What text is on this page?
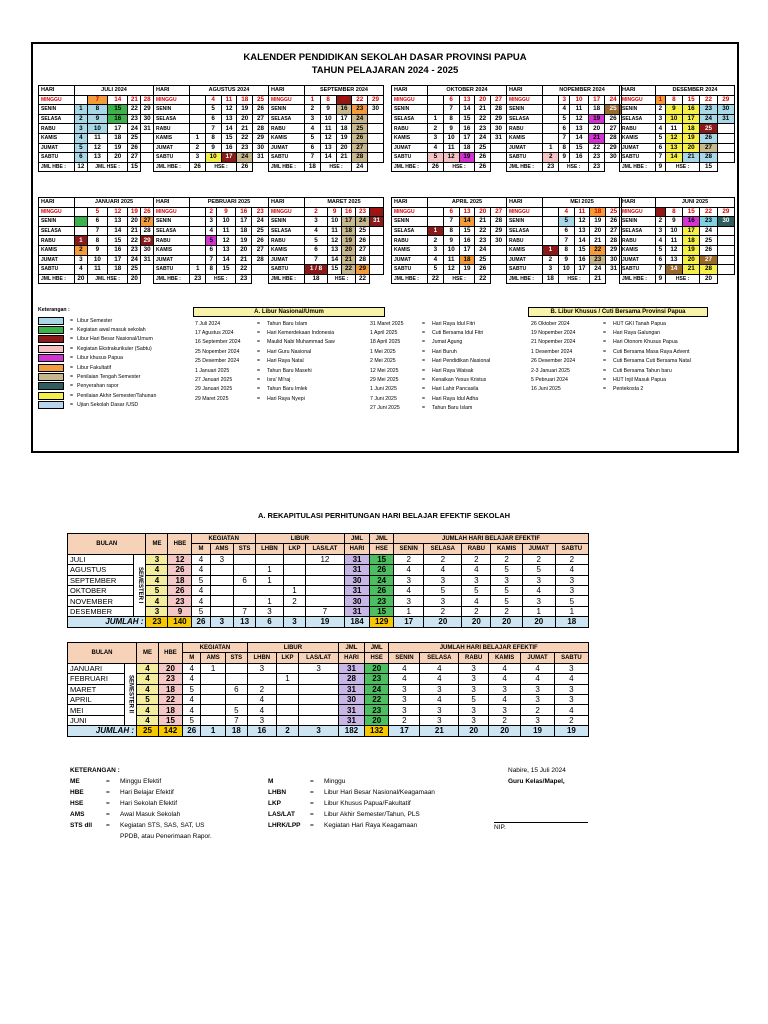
KALENDER PENDIDIKAN SEKOLAH DASAR PROVINSI PAPUA
TAHUN PELAJARAN 2024 - 2025
HARI	JULI 2024				
MINGGU		7	14	21	28
SENIN	1	8	15	22	29
SELASA	2	9	16	23	30
RABU	3	10	17	24	31
KAMIS	4	11	18	25	
JUMAT	5	12	19	26	
SABTU	6	13	20	27	
JML HBE :	12	JML HSE :		15	
HARI	AGUSTUS 2024				
MINGGU		4	11	18	25
SENIN		5	12	19	26
SELASA		6	13	20	27
RABU		7	14	21	28
KAMIS	1	8	15	22	29
JUMAT	2	9	16	23	30
SABTU	3	10	17	24	31
JML HBE :	26	HSE :		26	
HARI	SEPTEMBER 2024				
MINGGU	1	8	15	22	29
SENIN	2	9	16	23	30
SELASA	3	10	17	24	
RABU	4	11	18	25	
KAMIS	5	12	19	26	
JUMAT	6	13	20	27	
SABTU	7	14	21	28	
JML HBE :	18	HSE :		24	
HARI	OKTOBER 2024				
MINGGU		6	13	20	27
SENIN		7	14	21	28
SELASA	1	8	15	22	29
RABU	2	9	16	23	30
KAMIS	3	10	17	24	31
JUMAT	4	11	18	25	
SABTU	5	12	19	26	
JML HBE :	26	HSE :		26	
HARI	NOPEMBER 2024				
MINGGU		3	10	17	24
SENIN		4	11	18	25
SELASA		5	12	19	26
RABU		6	13	20	27
KAMIS		7	14	21	28
JUMAT	1	8	15	22	29
SABTU	2	9	16	23	30
JML HBE :	23	HSE :		23	
HARI	DESEMBER 2024				
MINGGU	1	8	15	22	29
SENIN	2	9	16	23	30
SELASA	3	10	17	24	31
RABU	4	11	18	25	
KAMIS	5	12	19	26	
JUMAT	6	13	20	27	
SABTU	7	14	21	28	
JML HBE :	9	HSE :		15	
HARI	JANUARI 2025				
MINGGU		5	12	19	26
SENIN		6	13	20	27
SELASA		7	14	21	28
RABU	1	8	15	22	29
KAMIS	2	9	16	23	30
JUMAT	3	10	17	24	31
SABTU	4	11	18	25	
JML HBE :	20	JML HSE :		20	
HARI	PEBRUARI 2025				
MINGGU		2	9	16	23
SENIN		3	10	17	24
SELASA		4	11	18	25
RABU		5	12	19	26
KAMIS		6	13	20	27
JUMAT		7	14	21	28
SABTU	1	8	15	22	
JML HBE :	23	HSE :		23	
HARI	MARET 2025				
MINGGU	2	9	16	23	30
SENIN	3	10	17	24	31
SELASA	4	11	18	25	
RABU	5	12	19	26	
KAMIS	6	13	20	27	
JUMAT	7	14	21	28	
SABTU	1 / 8	15	22	29	
JML HBE :	18	HSE :		22	
HARI	APRIL 2025				
MINGGU		6	13	20	27
SENIN		7	14	21	28
SELASA	1	8	15	22	29
RABU	2	9	16	23	30
KAMIS	3	10	17	24	
JUMAT	4	11	18	25	
SABTU	5	12	19	26	
JML HBE :	22	HSE :		22	
HARI	MEI 2025				
MINGGU		4	11	18	25
SENIN		5	12	19	26
SELASA		6	13	20	27
RABU		7	14	21	28
KAMIS	1	8	15	22	29
JUMAT	2	9	16	23	30
SABTU	3	10	17	24	31
JML HBE :	18	HSE :		21	
HARI	JUNI 2025				
MINGGU	1	8	15	22	29
SENIN	2	9	16	23	30
SELASA	3	10	17	24	
RABU	4	11	18	25	
KAMIS	5	12	19	26	
JUMAT	6	13	20	27	
SABTU	7	14	21	28	
JML HBE :	9	HSE :		20	
Keterangan :
= Libur Semester
= Kegiatan awal masuk sekolah
= Libur Hari Besar Nasional/Umum
= Kegiatan Ekstrakurikuler (Sabtu)
= Libur khusus Papua
= Libur Fakultatif
= Penilaian Tengah Semester
= Penyerahan rapor
= Penilaian Akhir Semester/Tahunan
= Ujian Sekolah Dasar /USD
A. Libur Nasional/Umum	B. Libur Khusus / Cuti Bersama Provinsi Papua
7 Juli 2024	=	Tahun Baru Islam
17 Agustus 2024	=	Hari Kemerdekaan Indonesia
16 September 2024	=	Maulid Nabi Muhammad Saw
25 Nopember 2024	=	Hari Guru Nasional
25 Desember 2024	=	Hari Raya Natal
1 Januari 2025	=	Tahun Baru Masehi
27 Januari 2025	=	Isra' Mi'raj
29 Januari 2025	=	Tahun Baru Imlek
29 Maret 2025	=	Hari Raya Nyepi
31 Maret 2025	=	Hari Raya Idul Fitri
1 April 2025	=	Cuti Bersama Idul Fitri
18 April 2025	=	Jumat Agung
1 Mei 2025	=	Hari Buruh
2 Mei 2025	=	Hari Pendidikan Nasional
12 Mei 2025	=	Hari Raya Waisak
29 Mei 2025	=	Kenaikan Yesus Kristus
1 Juni 2025	=	Hari Lahir Pancasila
7 Juni 2025	=	Hari Raya Idul Adha
27 Juni 2025	=	Tahun Baru Islam
26 Oktober 2024	=	HUT GKI Tanah Papua
19 Nopember 2024	=	Hari Raya Galungan
21 Nopember 2024	=	Hari Otonom Khusus Papua
1 Desember 2024	=	Cuti Bersama Masa Raya Advent
26 Desember 2024	=	Cuti Bersama Cuti Bersama Natal
2-3 Januari 2025	=	Cuti Bersama Tahun baru
5 Pebruari 2024	=	HUT Injil Masuk Papua
16 Juni 2025	=	Pentekosta 2
A. REKAPITULASI PERHITUNGAN HARI BELAJAR EFEKTIF SEKOLAH
BULAN		ME	HBE	KEGIATAN			LIBUR			JML	JML	JUMLAH HARI BELAJAR EFEKTIF					
				M	AMS	STS	LHBN	LKP	LAS/LAT	HARI	HSE	SENIN	SELASA	RABU	KAMIS	JUMAT	SABTU
JULI	SEMESTER I	3	12	4	3				12	31	15	2	2	2	2	2	2
AGUSTUS		4	26	4			1			31	26	4	4	4	5	5	4
SEPTEMBER		4	18	5		6	1			30	24	3	3	3	3	3	3
OKTOBER		5	26	4				1		31	26	4	5	5	5	4	3
NOVEMBER		4	23	4			1	2		30	23	3	3	4	5	3	5
DESEMBER		3	9	5		7	3		7	31	15	1	2	2	2	1	1
JUMLAH :		23	140	26	3	13	6	3	19	184	129	17	20	20	20	20	18
BULAN		ME	HBE	KEGIATAN			LIBUR			JML	JML	JUMLAH HARI BELAJAR EFEKTIF					
				M	AMS	STS	LHBN	LKP	LAS/LAT	HARI	HSE	SENIN	SELASA	RABU	KAMIS	JUMAT	SABTU
JANUARI	SEMESTER II	4	20	4	1		3		3	31	20	4	4	3	4	4	3
FEBRUARI		4	23	4				1		28	23	4	4	3	4	4	4
MARET		4	18	5		6	2			31	24	3	3	3	3	3	3
APRIL		5	22	4			4			30	22	3	4	5	4	3	3
MEI		4	18	4		5	4			31	23	3	3	3	3	2	4
JUNI		4	15	5		7	3			31	20	2	3	3	2	3	2
JUMLAH :		25	142	26	1	18	16	2	3	182	132	17	21	20	20	19	19
KETERANGAN :
ME	=	Minggu Efektif
HBE	=	Hari Belajar Efektif
HSE	=	Hari Sekolah Efektif
AMS	=	Awal Masuk Sekolah
STS dll	=	Kegiatan STS, SAS, SAT, US
PPDB, atau Penerimaan Rapor.
M	=	Minggu
LHBN	=	Libur Hari Besar Nasional/Keagamaan
LKP	=	Libur Khusus Papua/Fakultatif
LAS/LAT	=	Libur Akhir Semester/Tahun, PLS
LHRK/LPP	=	Kegiatan Hari Raya Keagamaan
Nabire, 15 Juli 2024
Guru Kelas/Mapel,
NIP.
